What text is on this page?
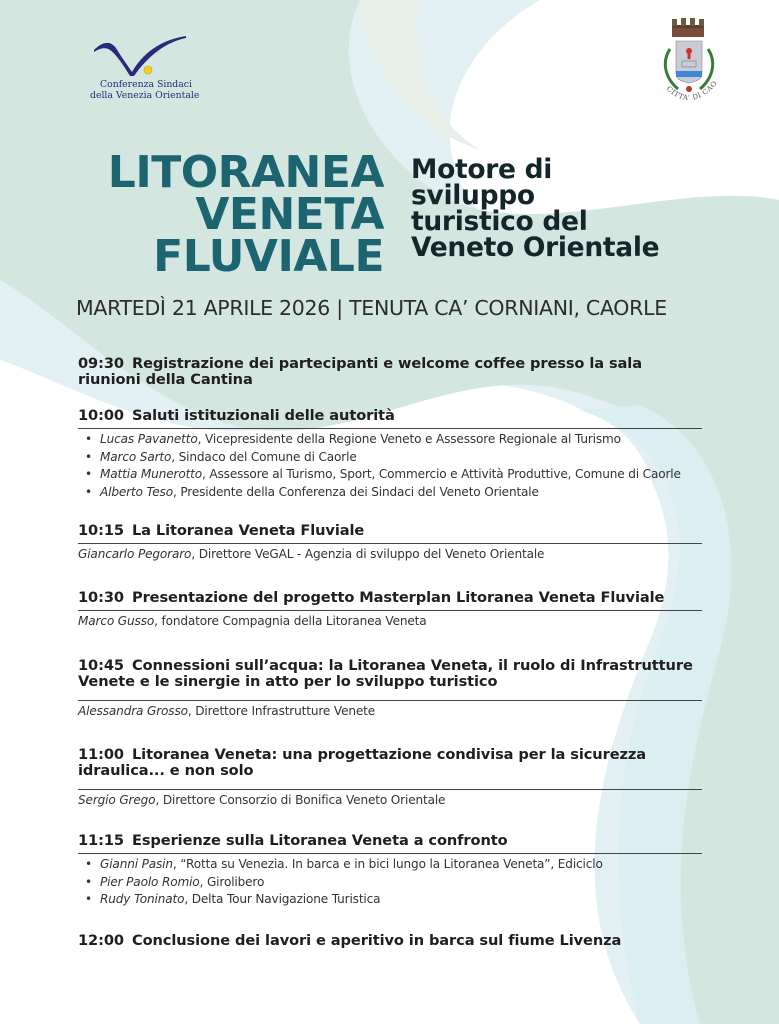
Conferenza Sindaci
della Venezia Orientale	CITTA' DI CAO
LITORANEA
VENETA
FLUVIALE
Motore di
sviluppo
turistico del
Veneto Orientale
MARTEDÌ 21 APRILE 2026 | TENUTA CA’ CORNIANI, CAORLE
09:30 Registrazione dei partecipanti e welcome coffee presso la sala
riunioni della Cantina
10:00 Saluti istituzionali delle autorità
• Lucas Pavanetto, Vicepresidente della Regione Veneto e Assessore Regionale al Turismo
• Marco Sarto, Sindaco del Comune di Caorle
• Mattia Munerotto, Assessore al Turismo, Sport, Commercio e Attività Produttive, Comune di Caorle
• Alberto Teso, Presidente della Conferenza dei Sindaci del Veneto Orientale
10:15 La Litoranea Veneta Fluviale
Giancarlo Pegoraro, Direttore VeGAL - Agenzia di sviluppo del Veneto Orientale
10:30 Presentazione del progetto Masterplan Litoranea Veneta Fluviale
Marco Gusso, fondatore Compagnia della Litoranea Veneta
10:45 Connessioni sull’acqua: la Litoranea Veneta, il ruolo di Infrastrutture
Venete e le sinergie in atto per lo sviluppo turistico
Alessandra Grosso, Direttore Infrastrutture Venete
11:00 Litoranea Veneta: una progettazione condivisa per la sicurezza
idraulica... e non solo
Sergio Grego, Direttore Consorzio di Bonifica Veneto Orientale
11:15 Esperienze sulla Litoranea Veneta a confronto
• Gianni Pasin, “Rotta su Venezia. In barca e in bici lungo la Litoranea Veneta”, Ediciclo
• Pier Paolo Romio, Girolibero
• Rudy Toninato, Delta Tour Navigazione Turistica
12:00 Conclusione dei lavori e aperitivo in barca sul fiume Livenza
